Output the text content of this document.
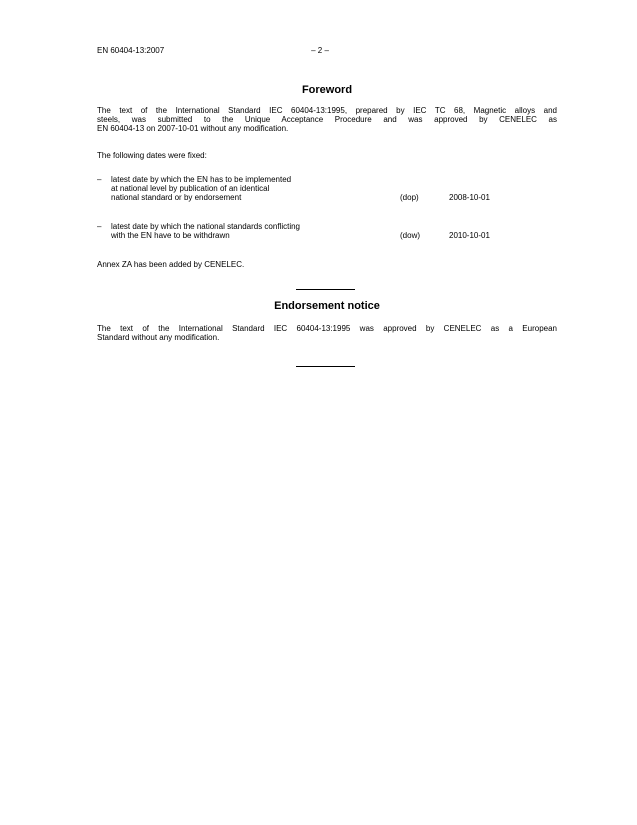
EN 60404-13:2007	– 2 –
Foreword
The text of the International Standard IEC 60404-13:1995, prepared by IEC TC 68, Magnetic alloys and
steels, was submitted to the Unique Acceptance Procedure and was approved by CENELEC as
EN 60404-13 on 2007-10-01 without any modification.
The following dates were fixed:
– latest date by which the EN has to be implemented
at national level by publication of an identical
national standard or by endorsement	(dop)	2008-10-01
– latest date by which the national standards conflicting
with the EN have to be withdrawn	(dow)	2010-10-01
Annex ZA has been added by CENELEC.
Endorsement notice
The text of the International Standard IEC 60404-13:1995 was approved by CENELEC as a European
Standard without any modification.
